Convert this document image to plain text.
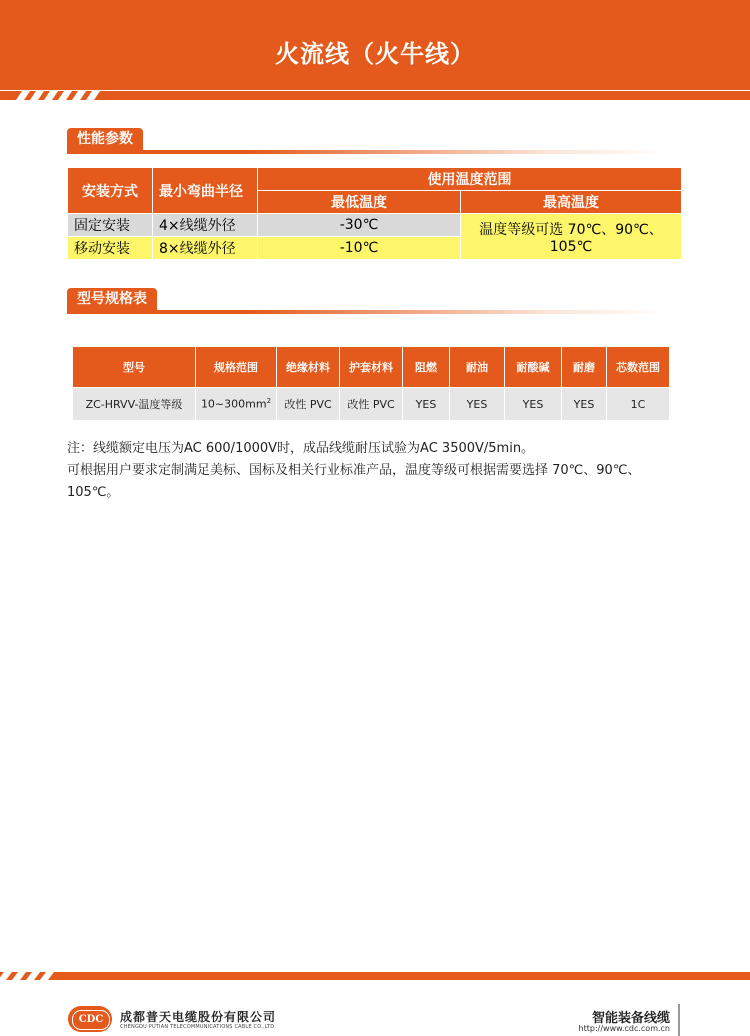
火流线（火牛线）
性能参数
安装方式	最小弯曲半径	使用温度范围	
		最低温度	最高温度
固定安装	4×线缆外径	-30℃	温度等级可选 70℃、90℃、105℃
移动安装	8×线缆外径	-10℃	
型号规格表
型号	规格范围	绝缘材料	护套材料	阻燃	耐油	耐酸碱	耐磨	芯数范围
ZC-HRVV-温度等级	$10\sim 300mm^2$	改性 PVC	改性 PVC	YES	YES	YES	YES	1C
注：线缆额定电压为AC 600/1000V时，成品线缆耐压试验为AC 3500V/5min。
可根据用户要求定制满足美标、国标及相关行业标准产品，温度等级可根据需要选择 70℃、90℃、105℃。
CDC	成都普天电缆股份有限公司
CHENGDU PUTIAN TELECOMMUNICATIONS CABLE CO.,LTD.
智能装备线缆
http://www.cdc.com.cn
